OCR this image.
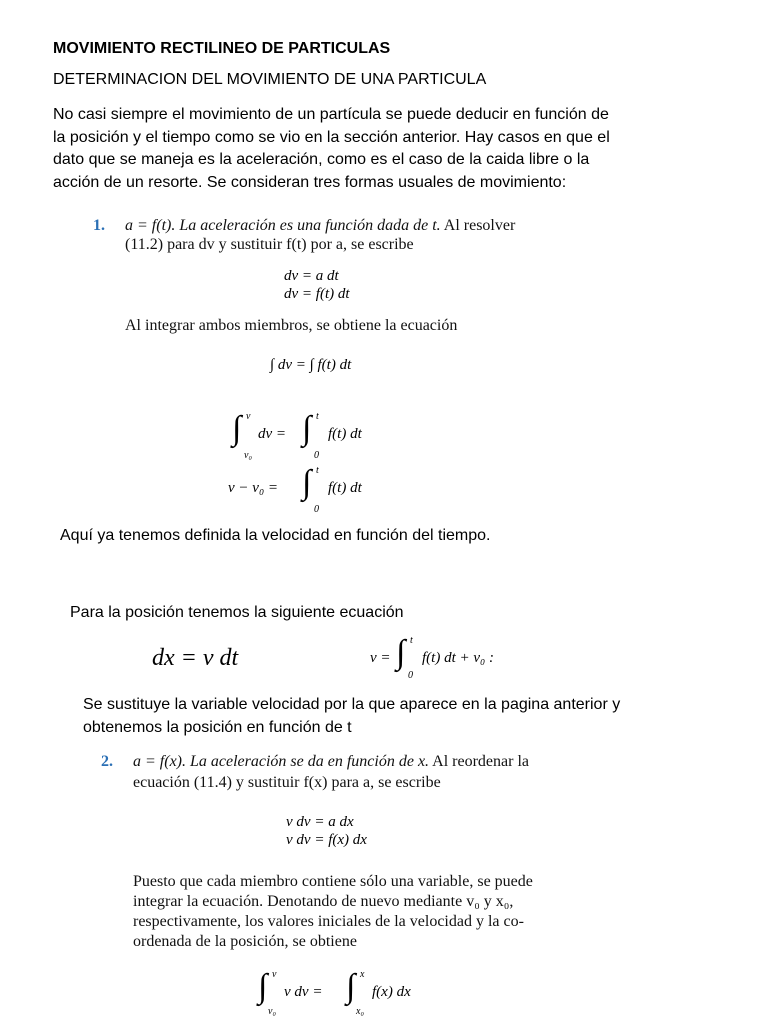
MOVIMIENTO RECTILINEO DE PARTICULAS
DETERMINACION DEL MOVIMIENTO DE UNA PARTICULA
No casi siempre el movimiento de un partícula se puede deducir en función de
la posición y el tiempo como se vio en la sección anterior. Hay casos en que el
dato que se maneja es la aceleración, como es el caso de la caida libre o la
acción de un resorte. Se consideran tres formas usuales de movimiento:
1. a = f(t). La aceleración es una función dada de t. Al resolver
(11.2) para dv y sustituir f(t) por a, se escribe
dv = a dt
dv = f(t) dt
Al integrar ambos miembros, se obtiene la ecuación
∫ dv = ∫ f(t) dt
∫ v
v₀
dv = ∫ t
0
f(t) dt
v − v₀ = ∫ t
0
f(t) dt
Aquí ya tenemos definida la velocidad en función del tiempo.
Para la posición tenemos la siguiente ecuación
dx = v dt	v = ∫ t
0
f(t) dt + v₀ :
Se sustituye la variable velocidad por la que aparece en la pagina anterior y
obtenemos la posición en función de t
2. a = f(x). La aceleración se da en función de x. Al reordenar la
ecuación (11.4) y sustituir f(x) para a, se escribe
v dv = a dx
v dv = f(x) dx
Puesto que cada miembro contiene sólo una variable, se puede
integrar la ecuación. Denotando de nuevo mediante v₀ y x₀,
respectivamente, los valores iniciales de la velocidad y la co-
ordenada de la posición, se obtiene
∫ v
v₀
v dv = ∫ x
x₀
f(x) dx
